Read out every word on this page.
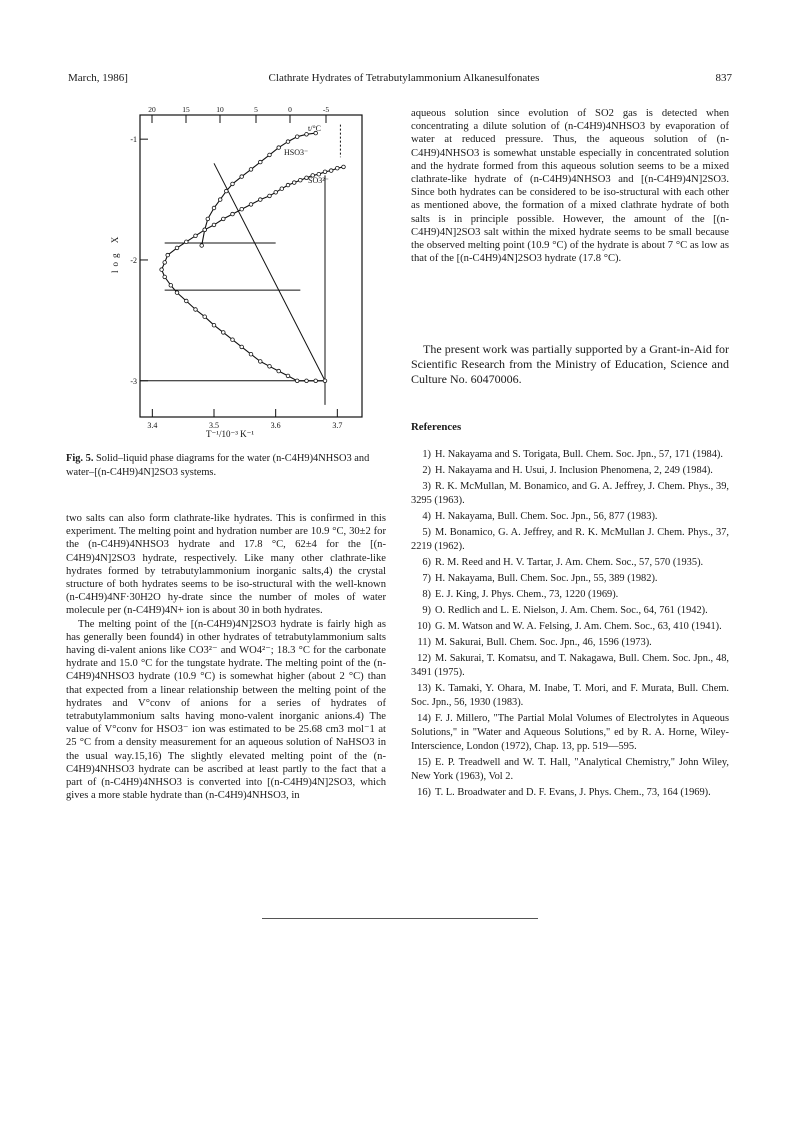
March, 1986]	Clathrate Hydrates of Tetrabutylammonium Alkanesulfonates	837
20	15	10	5	0	-5
-1
-2
-3
3.4	3.5	3.6	3.7
t/°C
HSO3⁻
SO3²⁻
log X
T⁻¹/10⁻³ K⁻¹
Fig. 5. Solid–liquid phase diagrams for the water (n-C4H9)4NHSO3 and water–[(n-C4H9)4N]2SO3 systems.

two salts can also form clathrate-like hydrates. This is confirmed in this experiment. The melting point and hydration number are 10.9 °C, 30±2 for the (n-C4H9)4NHSO3 hydrate and 17.8 °C, 62±4 for the [(n-C4H9)4N]2SO3 hydrate, respectively. Like many other clathrate-like hydrates formed by tetrabutylammonium inorganic salts,4) the crystal structure of both hydrates seems to be iso-structural with the well-known (n-C4H9)4NF·30H2O hy-drate since the number of moles of water molecule per (n-C4H9)4N+ ion is about 30 in both hydrates.

The melting point of the [(n-C4H9)4N]2SO3 hydrate is fairly high as has generally been found4) in other hydrates of tetrabutylammonium salts having di-valent anions like CO3²⁻ and WO4²⁻; 18.3 °C for the carbonate hydrate and 15.0 °C for the tungstate hydrate. The melting point of the (n-C4H9)4NHSO3 hydrate (10.9 °C) is somewhat higher (about 2 °C) than that expected from a linear relationship between the melting point of the hydrates and V°conv of anions for a series of hydrates of tetrabutylammonium salts having mono-valent inorganic anions.4) The value of V°conv for HSO3⁻ ion was estimated to be 25.68 cm3 mol⁻1 at 25 °C from a density measurement for an aqueous solution of NaHSO3 in the usual way.15,16) The slightly elevated melting point of the (n-C4H9)4NHSO3 hydrate can be ascribed at least partly to the fact that a part of (n-C4H9)4NHSO3 is converted into [(n-C4H9)4N]2SO3, which gives a more stable hydrate than (n-C4H9)4NHSO3, in

aqueous solution since evolution of SO2 gas is detected when concentrating a dilute solution of (n-C4H9)4NHSO3 by evaporation of water at reduced pressure. Thus, the aqueous solution of (n-C4H9)4NHSO3 is somewhat unstable especially in concentrated solution and the hydrate formed from this aqueous solution seems to be a mixed clathrate-like hydrate of (n-C4H9)4NHSO3 and [(n-C4H9)4N]2SO3. Since both hydrates can be considered to be iso-structural with each other as mentioned above, the formation of a mixed clathrate hydrate of both salts is in principle possible. However, the amount of the [(n-C4H9)4N]2SO3 salt within the mixed hydrate seems to be small because the observed melting point (10.9 °C) of the hydrate is about 7 °C as low as that of the [(n-C4H9)4N]2SO3 hydrate (17.8 °C).

The present work was partially supported by a Grant-in-Aid for Scientific Research from the Ministry of Education, Science and Culture No. 60470006.
References
1) H. Nakayama and S. Torigata, Bull. Chem. Soc. Jpn., 57, 171 (1984).
2) H. Nakayama and H. Usui, J. Inclusion Phenomena, 2, 249 (1984).
3) R. K. McMullan, M. Bonamico, and G. A. Jeffrey, J. Chem. Phys., 39, 3295 (1963).
4) H. Nakayama, Bull. Chem. Soc. Jpn., 56, 877 (1983).
5) M. Bonamico, G. A. Jeffrey, and R. K. McMullan J. Chem. Phys., 37, 2219 (1962).
6) R. M. Reed and H. V. Tartar, J. Am. Chem. Soc., 57, 570 (1935).
7) H. Nakayama, Bull. Chem. Soc. Jpn., 55, 389 (1982).
8) E. J. King, J. Phys. Chem., 73, 1220 (1969).
9) O. Redlich and L. E. Nielson, J. Am. Chem. Soc., 64, 761 (1942).
10) G. M. Watson and W. A. Felsing, J. Am. Chem. Soc., 63, 410 (1941).
11) M. Sakurai, Bull. Chem. Soc. Jpn., 46, 1596 (1973).
12) M. Sakurai, T. Komatsu, and T. Nakagawa, Bull. Chem. Soc. Jpn., 48, 3491 (1975).
13) K. Tamaki, Y. Ohara, M. Inabe, T. Mori, and F. Murata, Bull. Chem. Soc. Jpn., 56, 1930 (1983).
14) F. J. Millero, "The Partial Molal Volumes of Electrolytes in Aqueous Solutions," in "Water and Aqueous Solutions," ed by R. A. Horne, Wiley-Interscience, London (1972), Chap. 13, pp. 519—595.
15) E. P. Treadwell and W. T. Hall, "Analytical Chemistry," John Wiley, New York (1963), Vol 2.
16) T. L. Broadwater and D. F. Evans, J. Phys. Chem., 73, 164 (1969).
